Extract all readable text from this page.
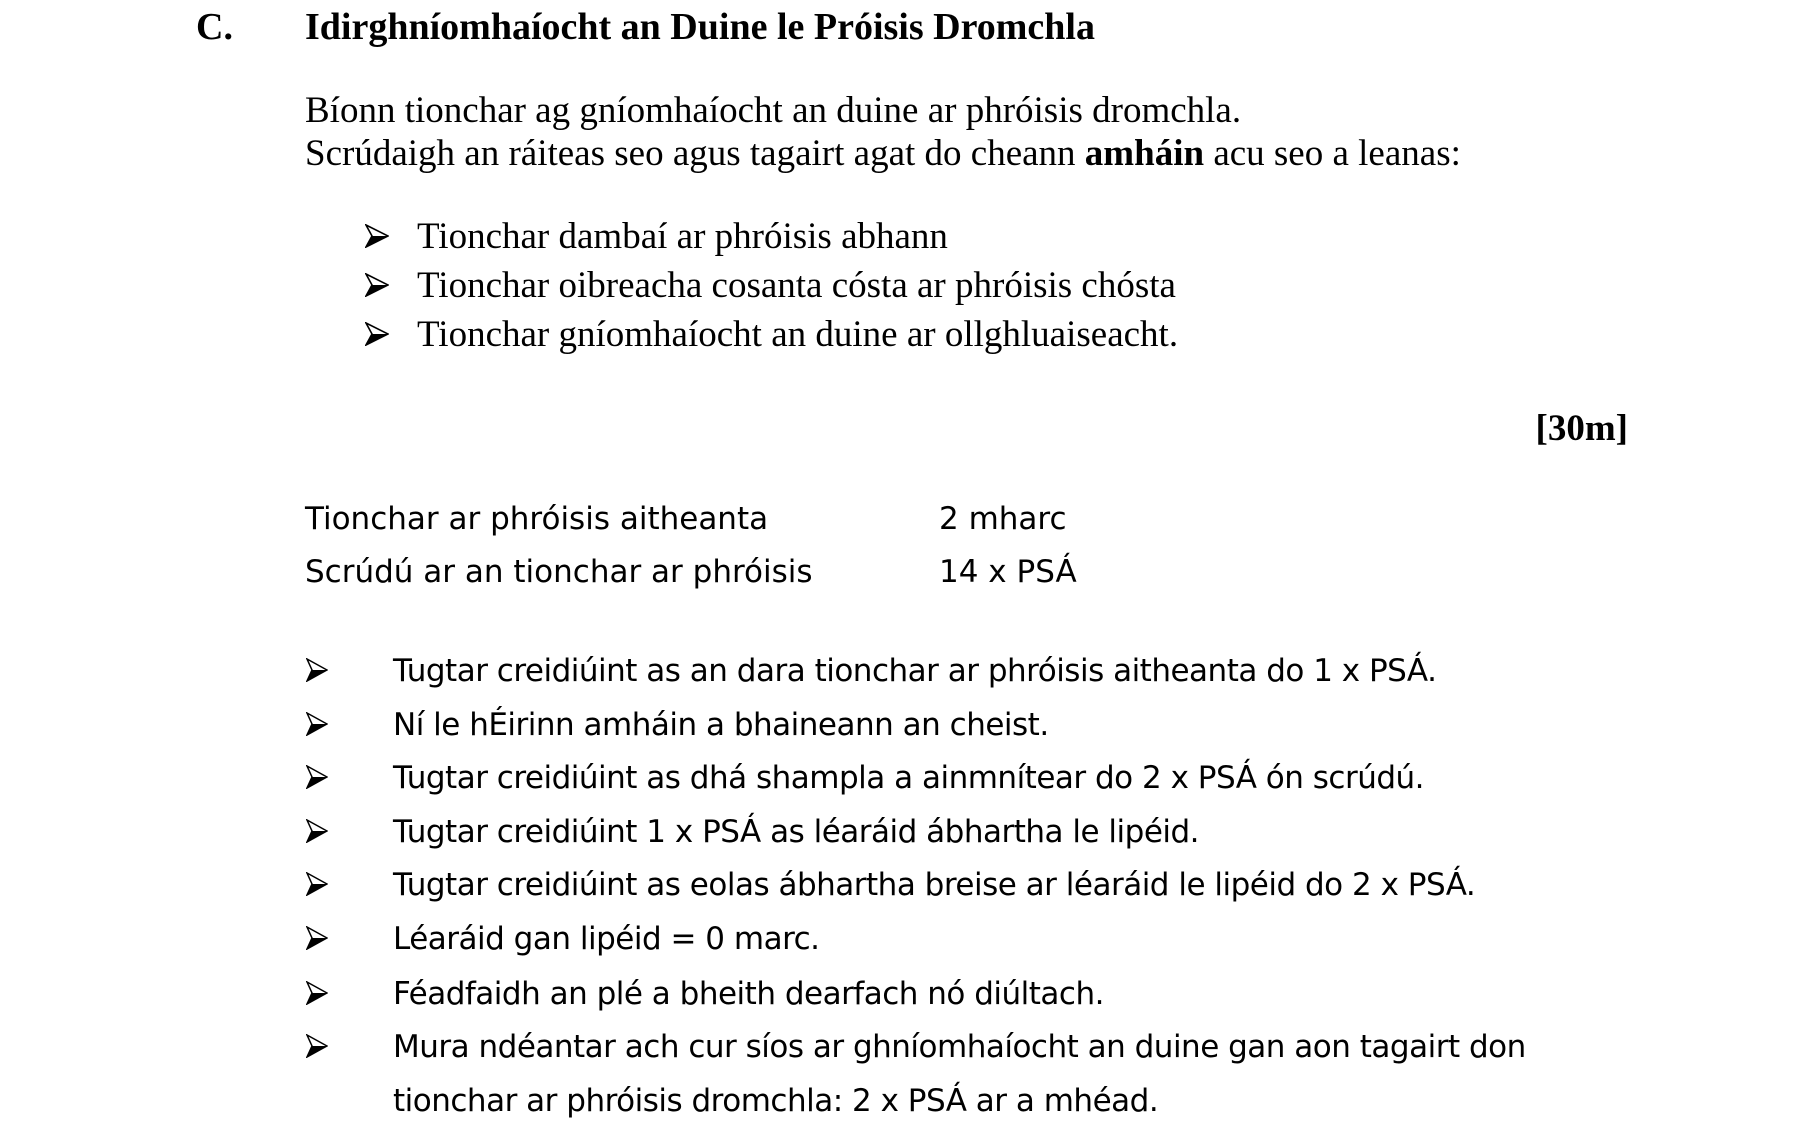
C. Idirghníomhaíocht an Duine le Próisis Dromchla
Bíonn tionchar ag gníomhaíocht an duine ar phróisis dromchla.
Scrúdaigh an ráiteas seo agus tagairt agat do cheann amháin acu seo a leanas:
Tionchar dambaí ar phróisis abhann
Tionchar oibreacha cosanta cósta ar phróisis chósta
Tionchar gníomhaíocht an duine ar ollghluaiseacht.
[30m]
Tionchar ar phróisis aitheanta	2 mharc
Scrúdú ar an tionchar ar phróisis	14 x PSÁ
Tugtar creidiúint as an dara tionchar ar phróisis aitheanta do 1 x PSÁ.
Ní le hÉirinn amháin a bhaineann an cheist.
Tugtar creidiúint as dhá shampla a ainmnítear do 2 x PSÁ ón scrúdú.
Tugtar creidiúint 1 x PSÁ as léaráid ábhartha le lipéid.
Tugtar creidiúint as eolas ábhartha breise ar léaráid le lipéid do 2 x PSÁ.
Léaráid gan lipéid = 0 marc.
Féadfaidh an plé a bheith dearfach nó diúltach.
Mura ndéantar ach cur síos ar ghníomhaíocht an duine gan aon tagairt don
tionchar ar phróisis dromchla: 2 x PSÁ ar a mhéad.
